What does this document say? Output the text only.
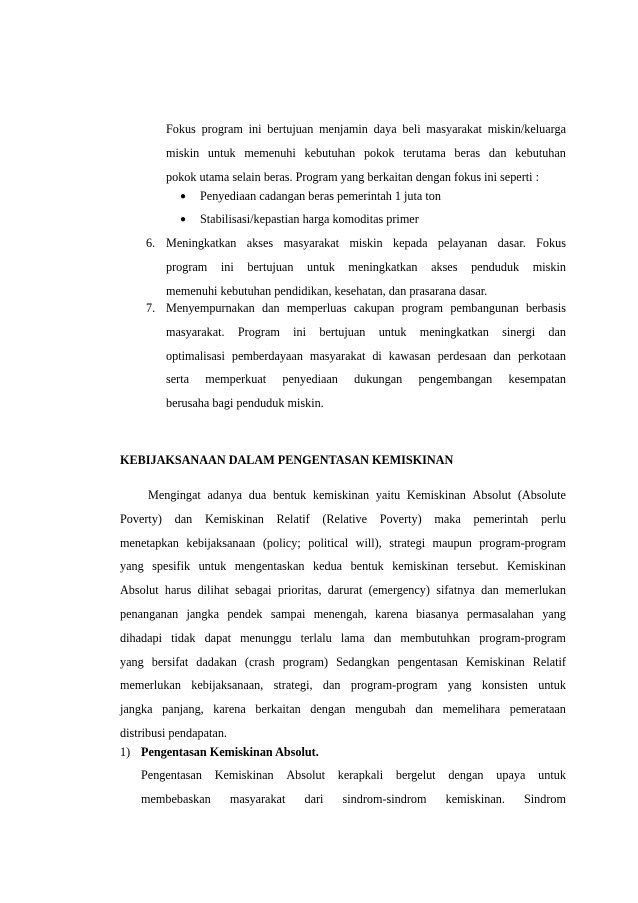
Fokus program ini bertujuan menjamin daya beli masyarakat miskin/keluarga
miskin untuk memenuhi kebutuhan pokok terutama beras dan kebutuhan
pokok utama selain beras. Program yang berkaitan dengan fokus ini seperti :
● Penyediaan cadangan beras pemerintah 1 juta ton
● Stabilisasi/kepastian harga komoditas primer
6. Meningkatkan akses masyarakat miskin kepada pelayanan dasar. Fokus
program ini bertujuan untuk meningkatkan akses penduduk miskin
memenuhi kebutuhan pendidikan, kesehatan, dan prasarana dasar.
7. Menyempurnakan dan memperluas cakupan program pembangunan berbasis
masyarakat. Program ini bertujuan untuk meningkatkan sinergi dan
optimalisasi pemberdayaan masyarakat di kawasan perdesaan dan perkotaan
serta memperkuat penyediaan dukungan pengembangan kesempatan
berusaha bagi penduduk miskin.
KEBIJAKSANAAN DALAM PENGENTASAN KEMISKINAN
Mengingat adanya dua bentuk kemiskinan yaitu Kemiskinan Absolut (Absolute
Poverty) dan Kemiskinan Relatif (Relative Poverty) maka pemerintah perlu
menetapkan kebijaksanaan (policy; political will), strategi maupun program-program
yang spesifik untuk mengentaskan kedua bentuk kemiskinan tersebut. Kemiskinan
Absolut harus dilihat sebagai prioritas, darurat (emergency) sifatnya dan memerlukan
penanganan jangka pendek sampai menengah, karena biasanya permasalahan yang
dihadapi tidak dapat menunggu terlalu lama dan membutuhkan program-program
yang bersifat dadakan (crash program) Sedangkan pengentasan Kemiskinan Relatif
memerlukan kebijaksanaan, strategi, dan program-program yang konsisten untuk
jangka panjang, karena berkaitan dengan mengubah dan memelihara pemerataan
distribusi pendapatan.
1) Pengentasan Kemiskinan Absolut.
Pengentasan Kemiskinan Absolut kerapkali bergelut dengan upaya untuk
membebaskan masyarakat dari sindrom-sindrom kemiskinan. Sindrom
